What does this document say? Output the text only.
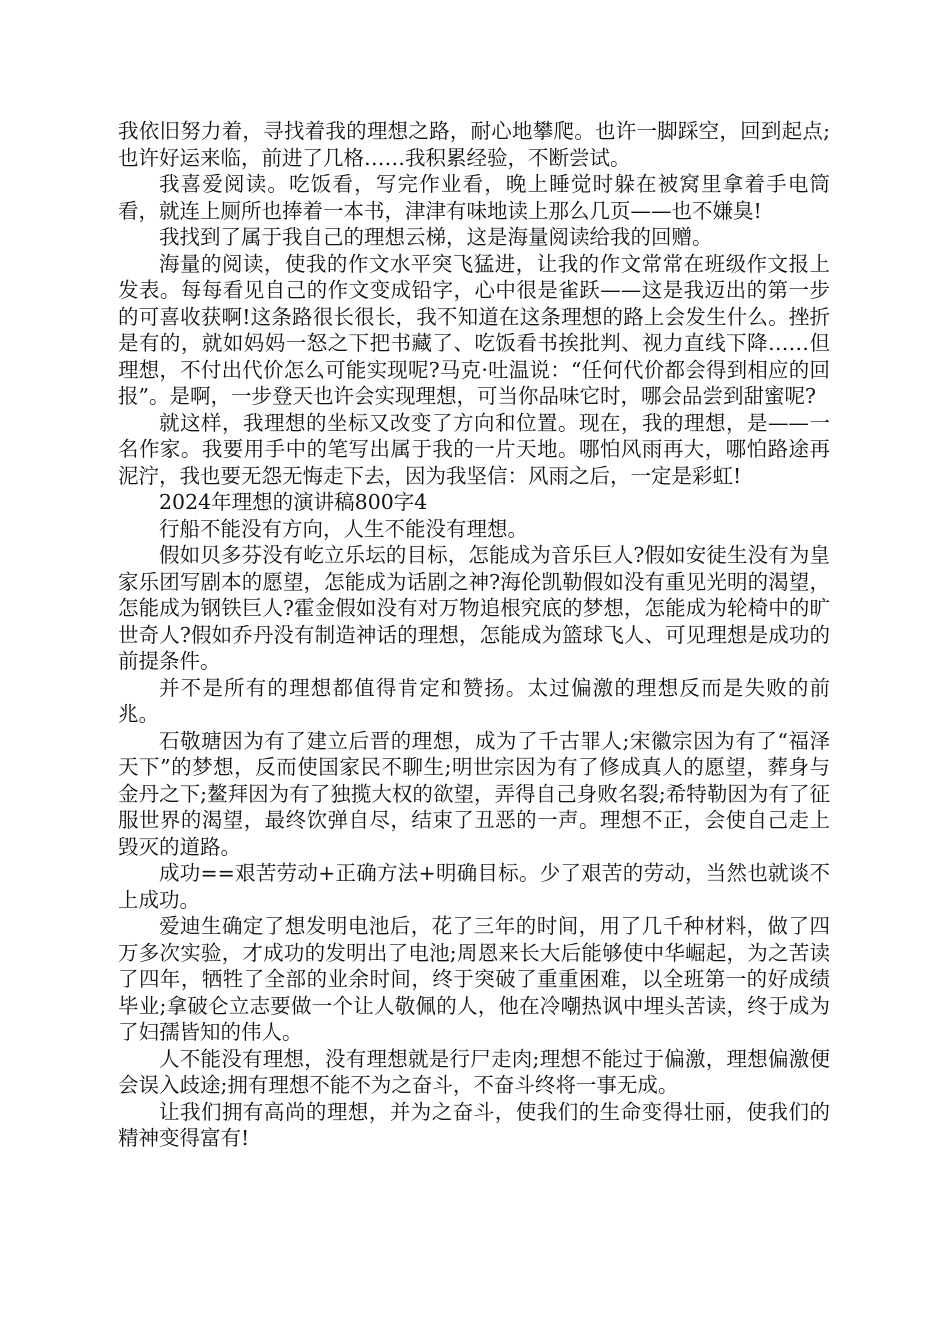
我依旧努力着，寻找着我的理想之路，耐心地攀爬。也许一脚踩空，回到起点;也许好运来临，前进了几格……我积累经验，不断尝试。

我喜爱阅读。吃饭看，写完作业看，晚上睡觉时躲在被窝里拿着手电筒看，就连上厕所也捧着一本书，津津有味地读上那么几页——也不嫌臭!

我找到了属于我自己的理想云梯，这是海量阅读给我的回赠。

海量的阅读，使我的作文水平突飞猛进，让我的作文常常在班级作文报上发表。每每看见自己的作文变成铅字，心中很是雀跃——这是我迈出的第一步的可喜收获啊!这条路很长很长，我不知道在这条理想的路上会发生什么。挫折是有的，就如妈妈一怒之下把书藏了、吃饭看书挨批判、视力直线下降……但理想，不付出代价怎么可能实现呢?马克·吐温说：“任何代价都会得到相应的回报”。是啊，一步登天也许会实现理想，可当你品味它时，哪会品尝到甜蜜呢?

就这样，我理想的坐标又改变了方向和位置。现在，我的理想，是——一名作家。我要用手中的笔写出属于我的一片天地。哪怕风雨再大，哪怕路途再泥泞，我也要无怨无悔走下去，因为我坚信：风雨之后，一定是彩虹!

2024年理想的演讲稿800字4

行船不能没有方向，人生不能没有理想。

假如贝多芬没有屹立乐坛的目标，怎能成为音乐巨人?假如安徒生没有为皇家乐团写剧本的愿望，怎能成为话剧之神?海伦凯勒假如没有重见光明的渴望，怎能成为钢铁巨人?霍金假如没有对万物追根究底的梦想，怎能成为轮椅中的旷世奇人?假如乔丹没有制造神话的理想，怎能成为篮球飞人、可见理想是成功的前提条件。

并不是所有的理想都值得肯定和赞扬。太过偏激的理想反而是失败的前兆。

石敬瑭因为有了建立后晋的理想，成为了千古罪人;宋徽宗因为有了“福泽天下”的梦想，反而使国家民不聊生;明世宗因为有了修成真人的愿望，葬身与金丹之下;鳌拜因为有了独揽大权的欲望，弄得自己身败名裂;希特勒因为有了征服世界的渴望，最终饮弹自尽，结束了丑恶的一声。理想不正，会使自己走上毁灭的道路。

成功==艰苦劳动+正确方法+明确目标。少了艰苦的劳动，当然也就谈不上成功。

爱迪生确定了想发明电池后，花了三年的时间，用了几千种材料，做了四万多次实验，才成功的发明出了电池;周恩来长大后能够使中华崛起，为之苦读了四年，牺牲了全部的业余时间，终于突破了重重困难，以全班第一的好成绩毕业;拿破仑立志要做一个让人敬佩的人，他在冷嘲热讽中埋头苦读，终于成为了妇孺皆知的伟人。

人不能没有理想，没有理想就是行尸走肉;理想不能过于偏激，理想偏激便会误入歧途;拥有理想不能不为之奋斗，不奋斗终将一事无成。

让我们拥有高尚的理想，并为之奋斗，使我们的生命变得壮丽，使我们的精神变得富有!
